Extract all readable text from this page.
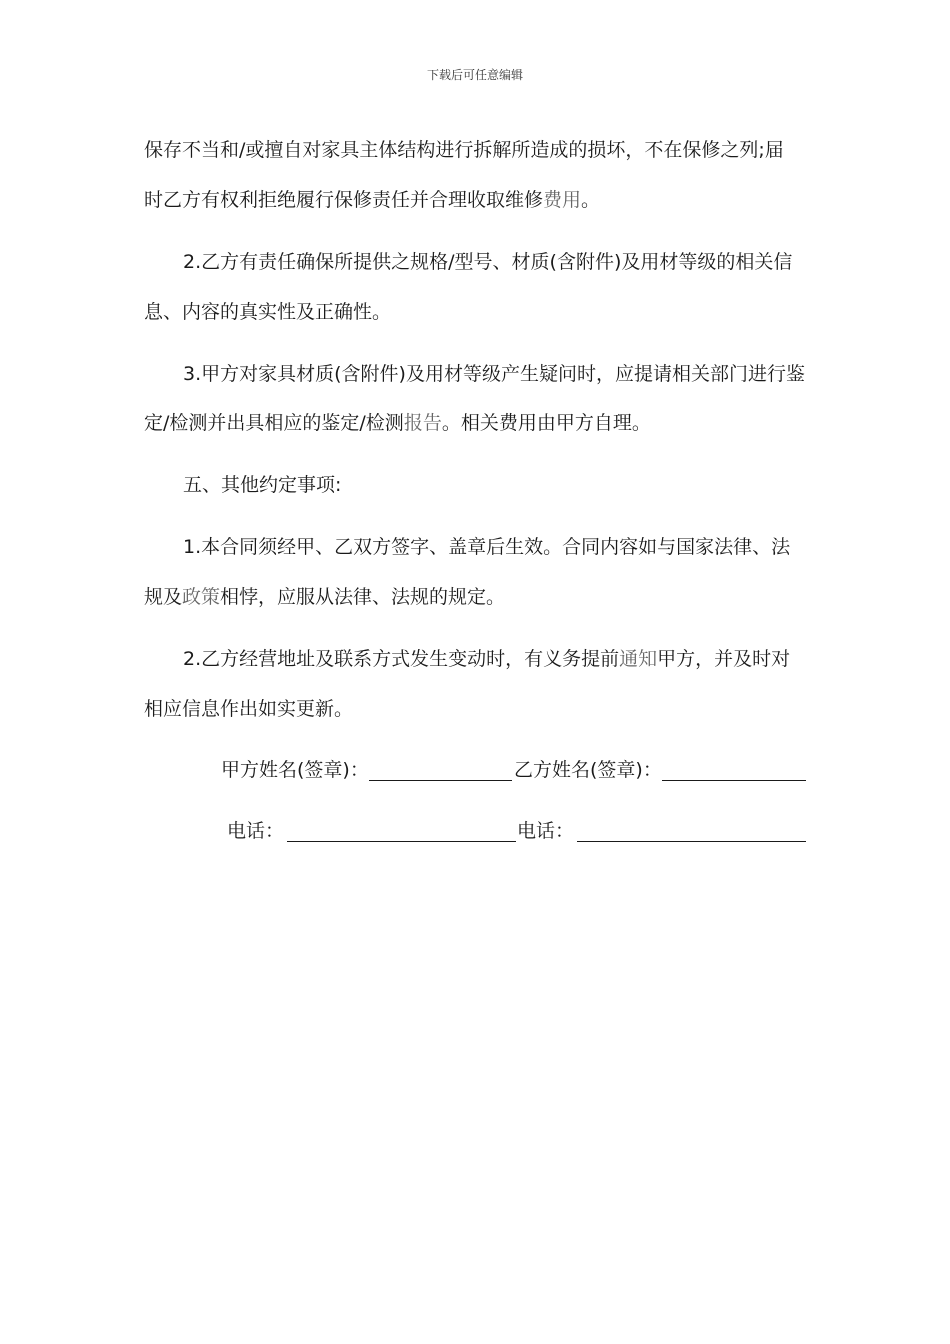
下载后可任意编辑
保存不当和/或擅自对家具主体结构进行拆解所造成的损坏，不在保修之列;届
时乙方有权利拒绝履行保修责任并合理收取维修费用。
2.乙方有责任确保所提供之规格/型号、材质(含附件)及用材等级的相关信
息、内容的真实性及正确性。
3.甲方对家具材质(含附件)及用材等级产生疑问时，应提请相关部门进行鉴
定/检测并出具相应的鉴定/检测报告。相关费用由甲方自理。
五、其他约定事项:
1.本合同须经甲、乙双方签字、盖章后生效。合同内容如与国家法律、法
规及政策相悖，应服从法律、法规的规定。
2.乙方经营地址及联系方式发生变动时，有义务提前通知甲方，并及时对
相应信息作出如实更新。
甲方姓名(签章)：	乙方姓名(签章)：
电话：	电话：
